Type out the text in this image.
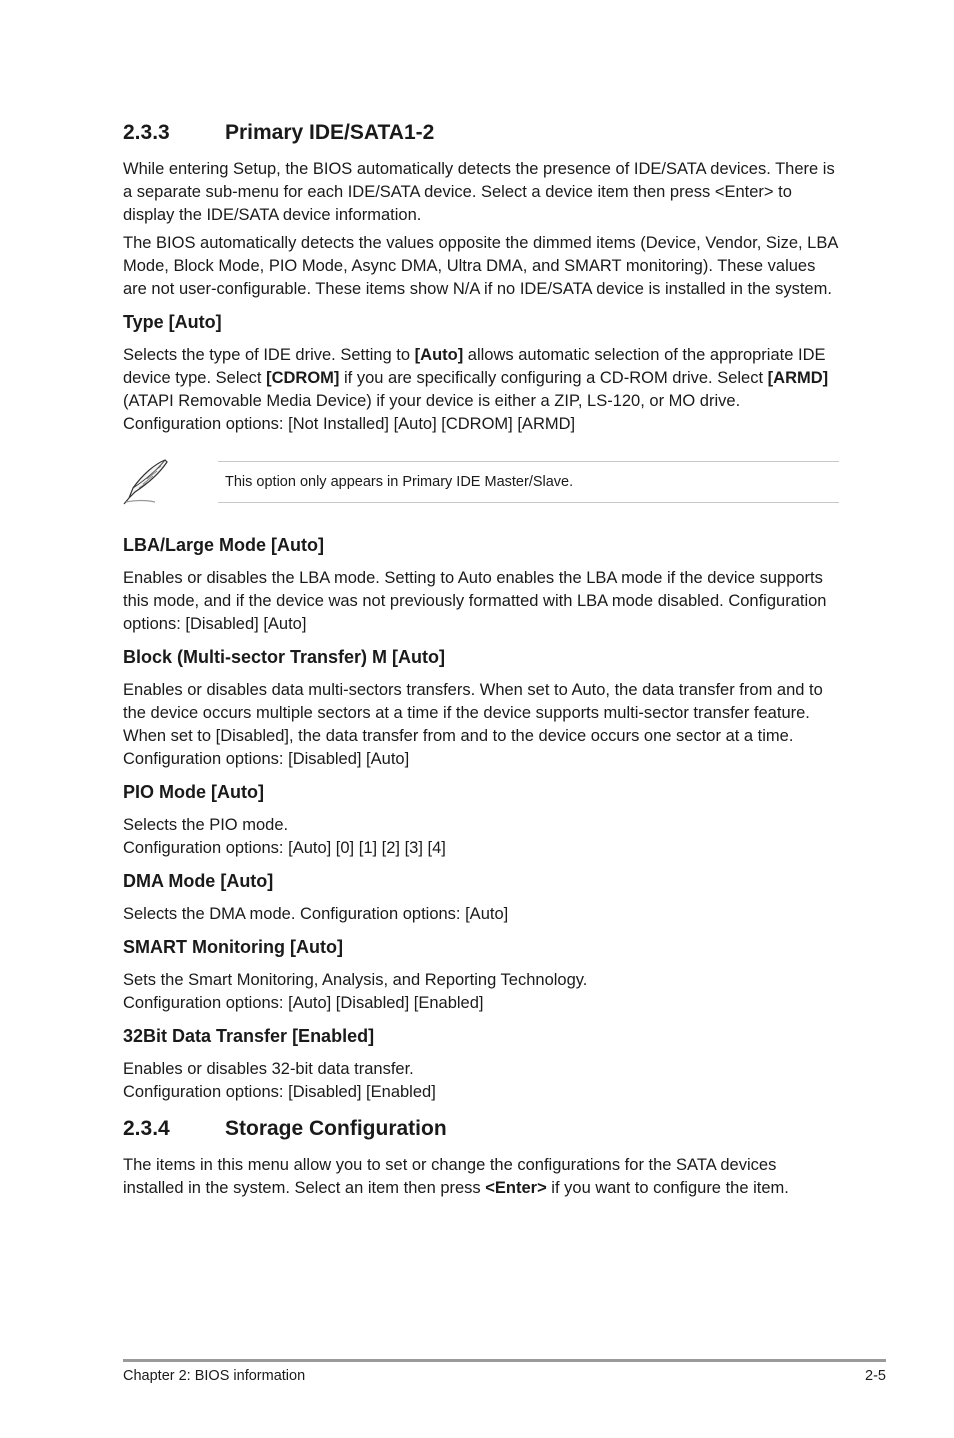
2.3.3	Primary IDE/SATA1-2

While entering Setup, the BIOS automatically detects the presence of IDE/SATA devices. There is a separate sub-menu for each IDE/SATA device. Select a device item then press <Enter> to display the IDE/SATA device information.

The BIOS automatically detects the values opposite the dimmed items (Device, Vendor, Size, LBA Mode, Block Mode, PIO Mode, Async DMA, Ultra DMA, and SMART monitoring). These values are not user-configurable. These items show N/A if no IDE/SATA device is installed in the system.

Type [Auto]

Selects the type of IDE drive. Setting to [Auto] allows automatic selection of the appropriate IDE device type. Select [CDROM] if you are specifically configuring a CD-ROM drive. Select [ARMD] (ATAPI Removable Media Device) if your device is either a ZIP, LS-120, or MO drive. Configuration options: [Not Installed] [Auto] [CDROM] [ARMD]

This option only appears in Primary IDE Master/Slave.
LBA/Large Mode [Auto]

Enables or disables the LBA mode. Setting to Auto enables the LBA mode if the device supports this mode, and if the device was not previously formatted with LBA mode disabled. Configuration options: [Disabled] [Auto]

Block (Multi-sector Transfer) M [Auto]

Enables or disables data multi-sectors transfers. When set to Auto, the data transfer from and to the device occurs multiple sectors at a time if the device supports multi-sector transfer feature. When set to [Disabled], the data transfer from and to the device occurs one sector at a time. Configuration options: [Disabled] [Auto]

PIO Mode [Auto]

Selects the PIO mode.
Configuration options: [Auto] [0] [1] [2] [3] [4]

DMA Mode [Auto]

Selects the DMA mode. Configuration options: [Auto]

SMART Monitoring [Auto]

Sets the Smart Monitoring, Analysis, and Reporting Technology.
Configuration options: [Auto] [Disabled] [Enabled]

32Bit Data Transfer [Enabled]

Enables or disables 32-bit data transfer.
Configuration options: [Disabled] [Enabled]

2.3.4	Storage Configuration

The items in this menu allow you to set or change the configurations for the SATA devices installed in the system. Select an item then press <Enter> if you want to configure the item.

Chapter 2: BIOS information	2-5
